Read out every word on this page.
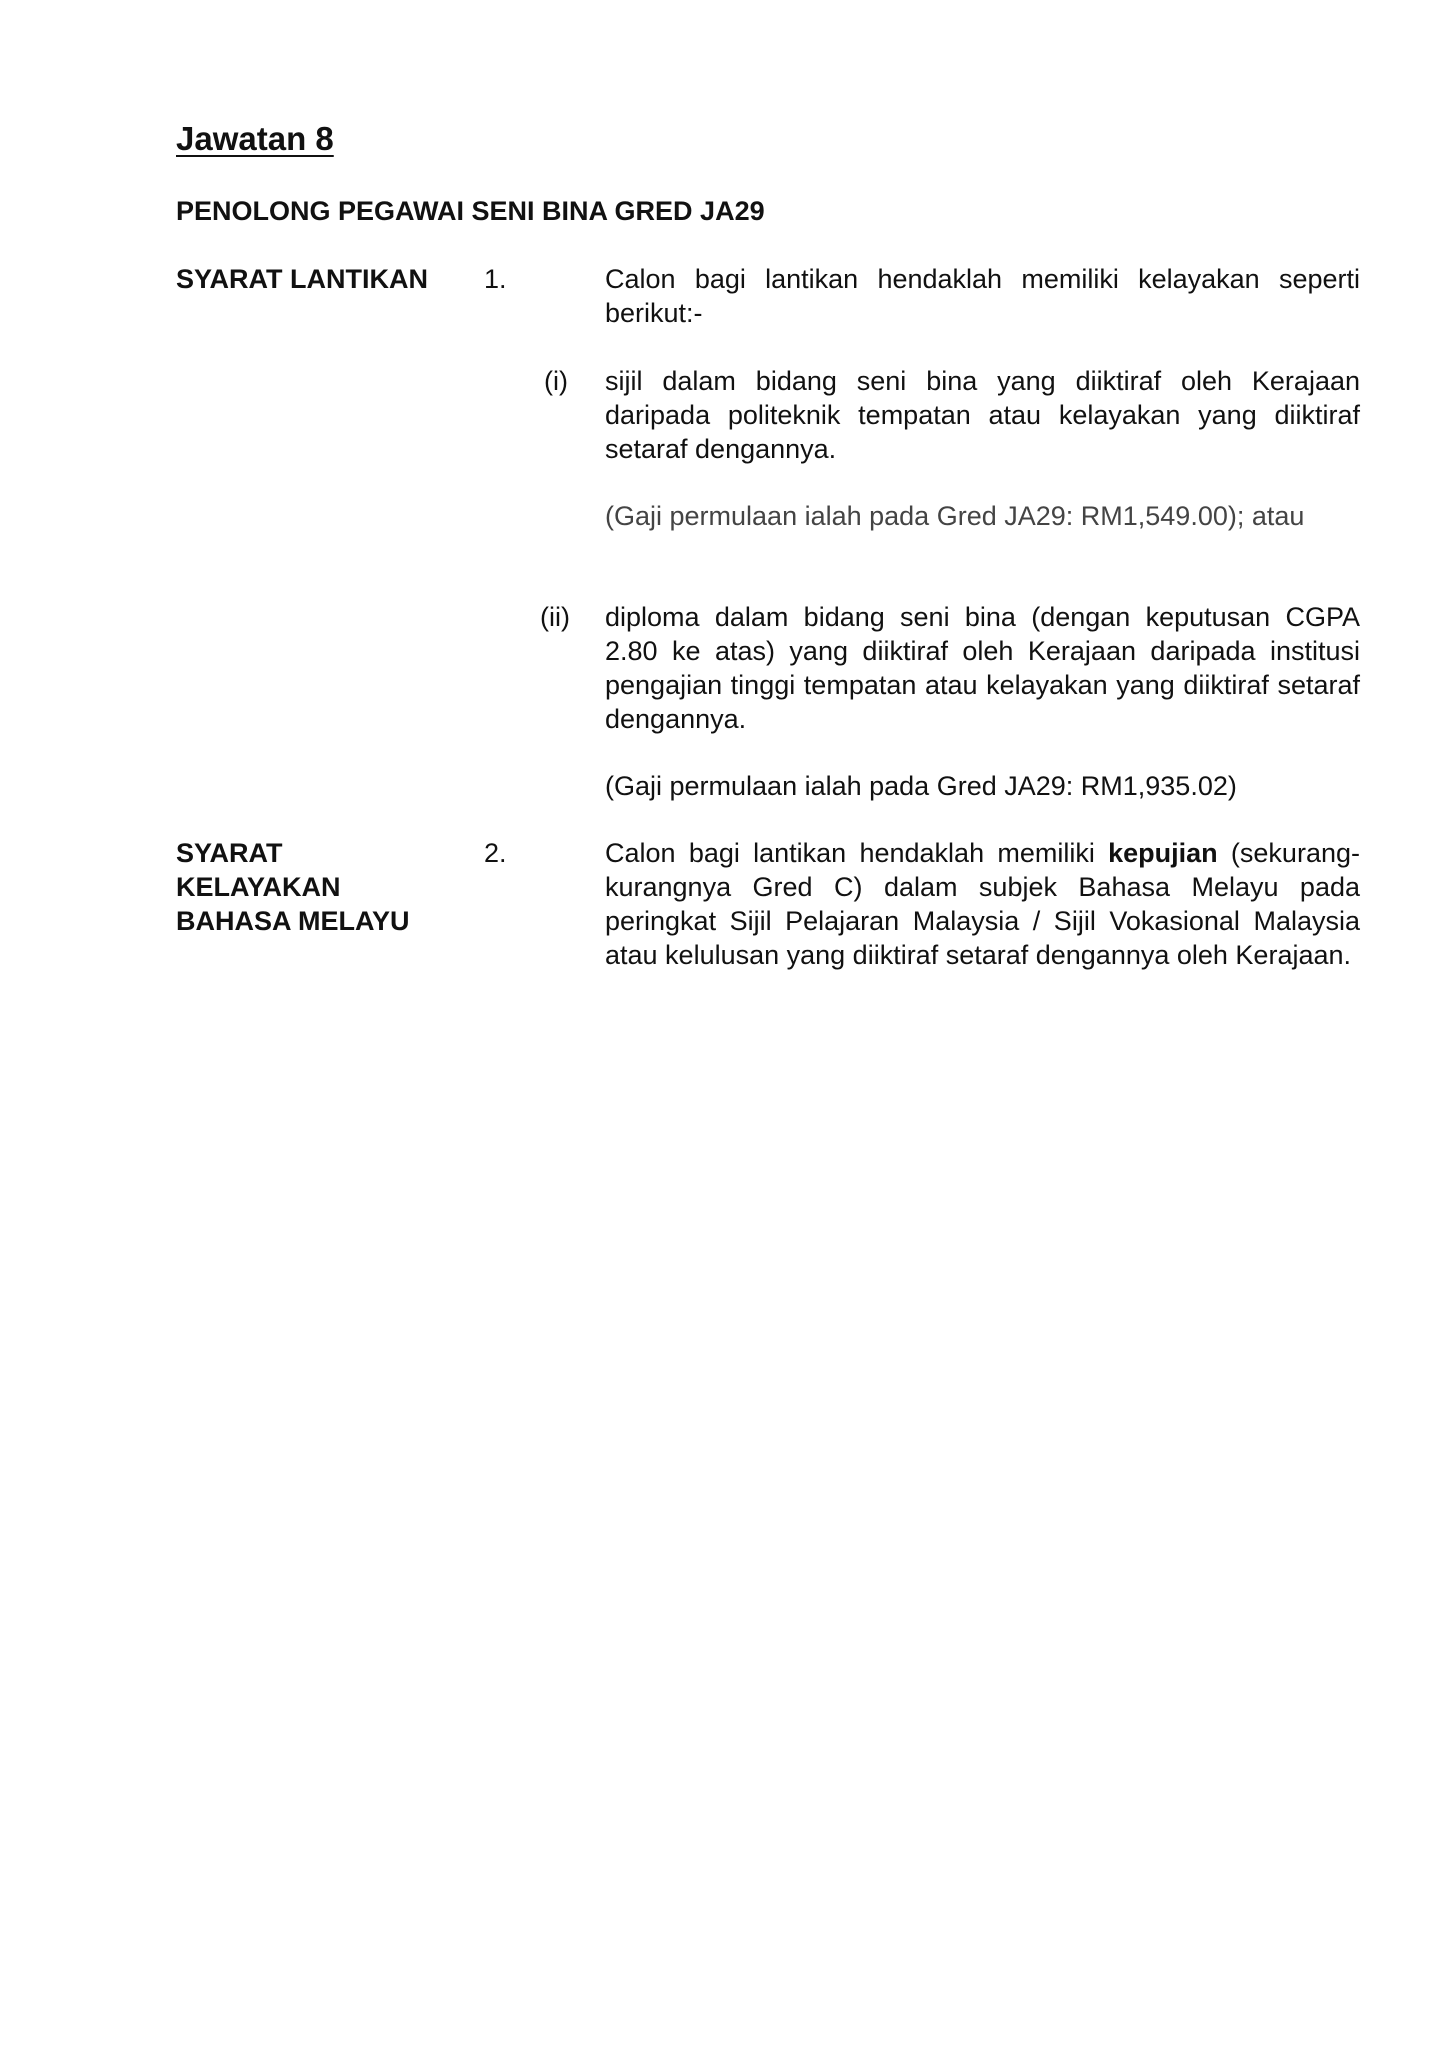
Jawatan 8
PENOLONG PEGAWAI SENI BINA GRED JA29
SYARAT LANTIKAN	1.	Calon bagi lantikan hendaklah memiliki kelayakan seperti berikut:-
(i) sijil dalam bidang seni bina yang diiktiraf oleh Kerajaan daripada politeknik tempatan atau kelayakan yang diiktiraf setaraf dengannya.
(Gaji permulaan ialah pada Gred JA29: RM1,549.00); atau
(ii) diploma dalam bidang seni bina (dengan keputusan CGPA 2.80 ke atas) yang diiktiraf oleh Kerajaan daripada institusi pengajian tinggi tempatan atau kelayakan yang diiktiraf setaraf dengannya.
(Gaji permulaan ialah pada Gred JA29: RM1,935.02)
SYARAT
KELAYAKAN
BAHASA MELAYU
2.	Calon bagi lantikan hendaklah memiliki kepujian (sekurang-kurangnya Gred C) dalam subjek Bahasa Melayu pada peringkat Sijil Pelajaran Malaysia / Sijil Vokasional Malaysia atau kelulusan yang diiktiraf setaraf dengannya oleh Kerajaan.
